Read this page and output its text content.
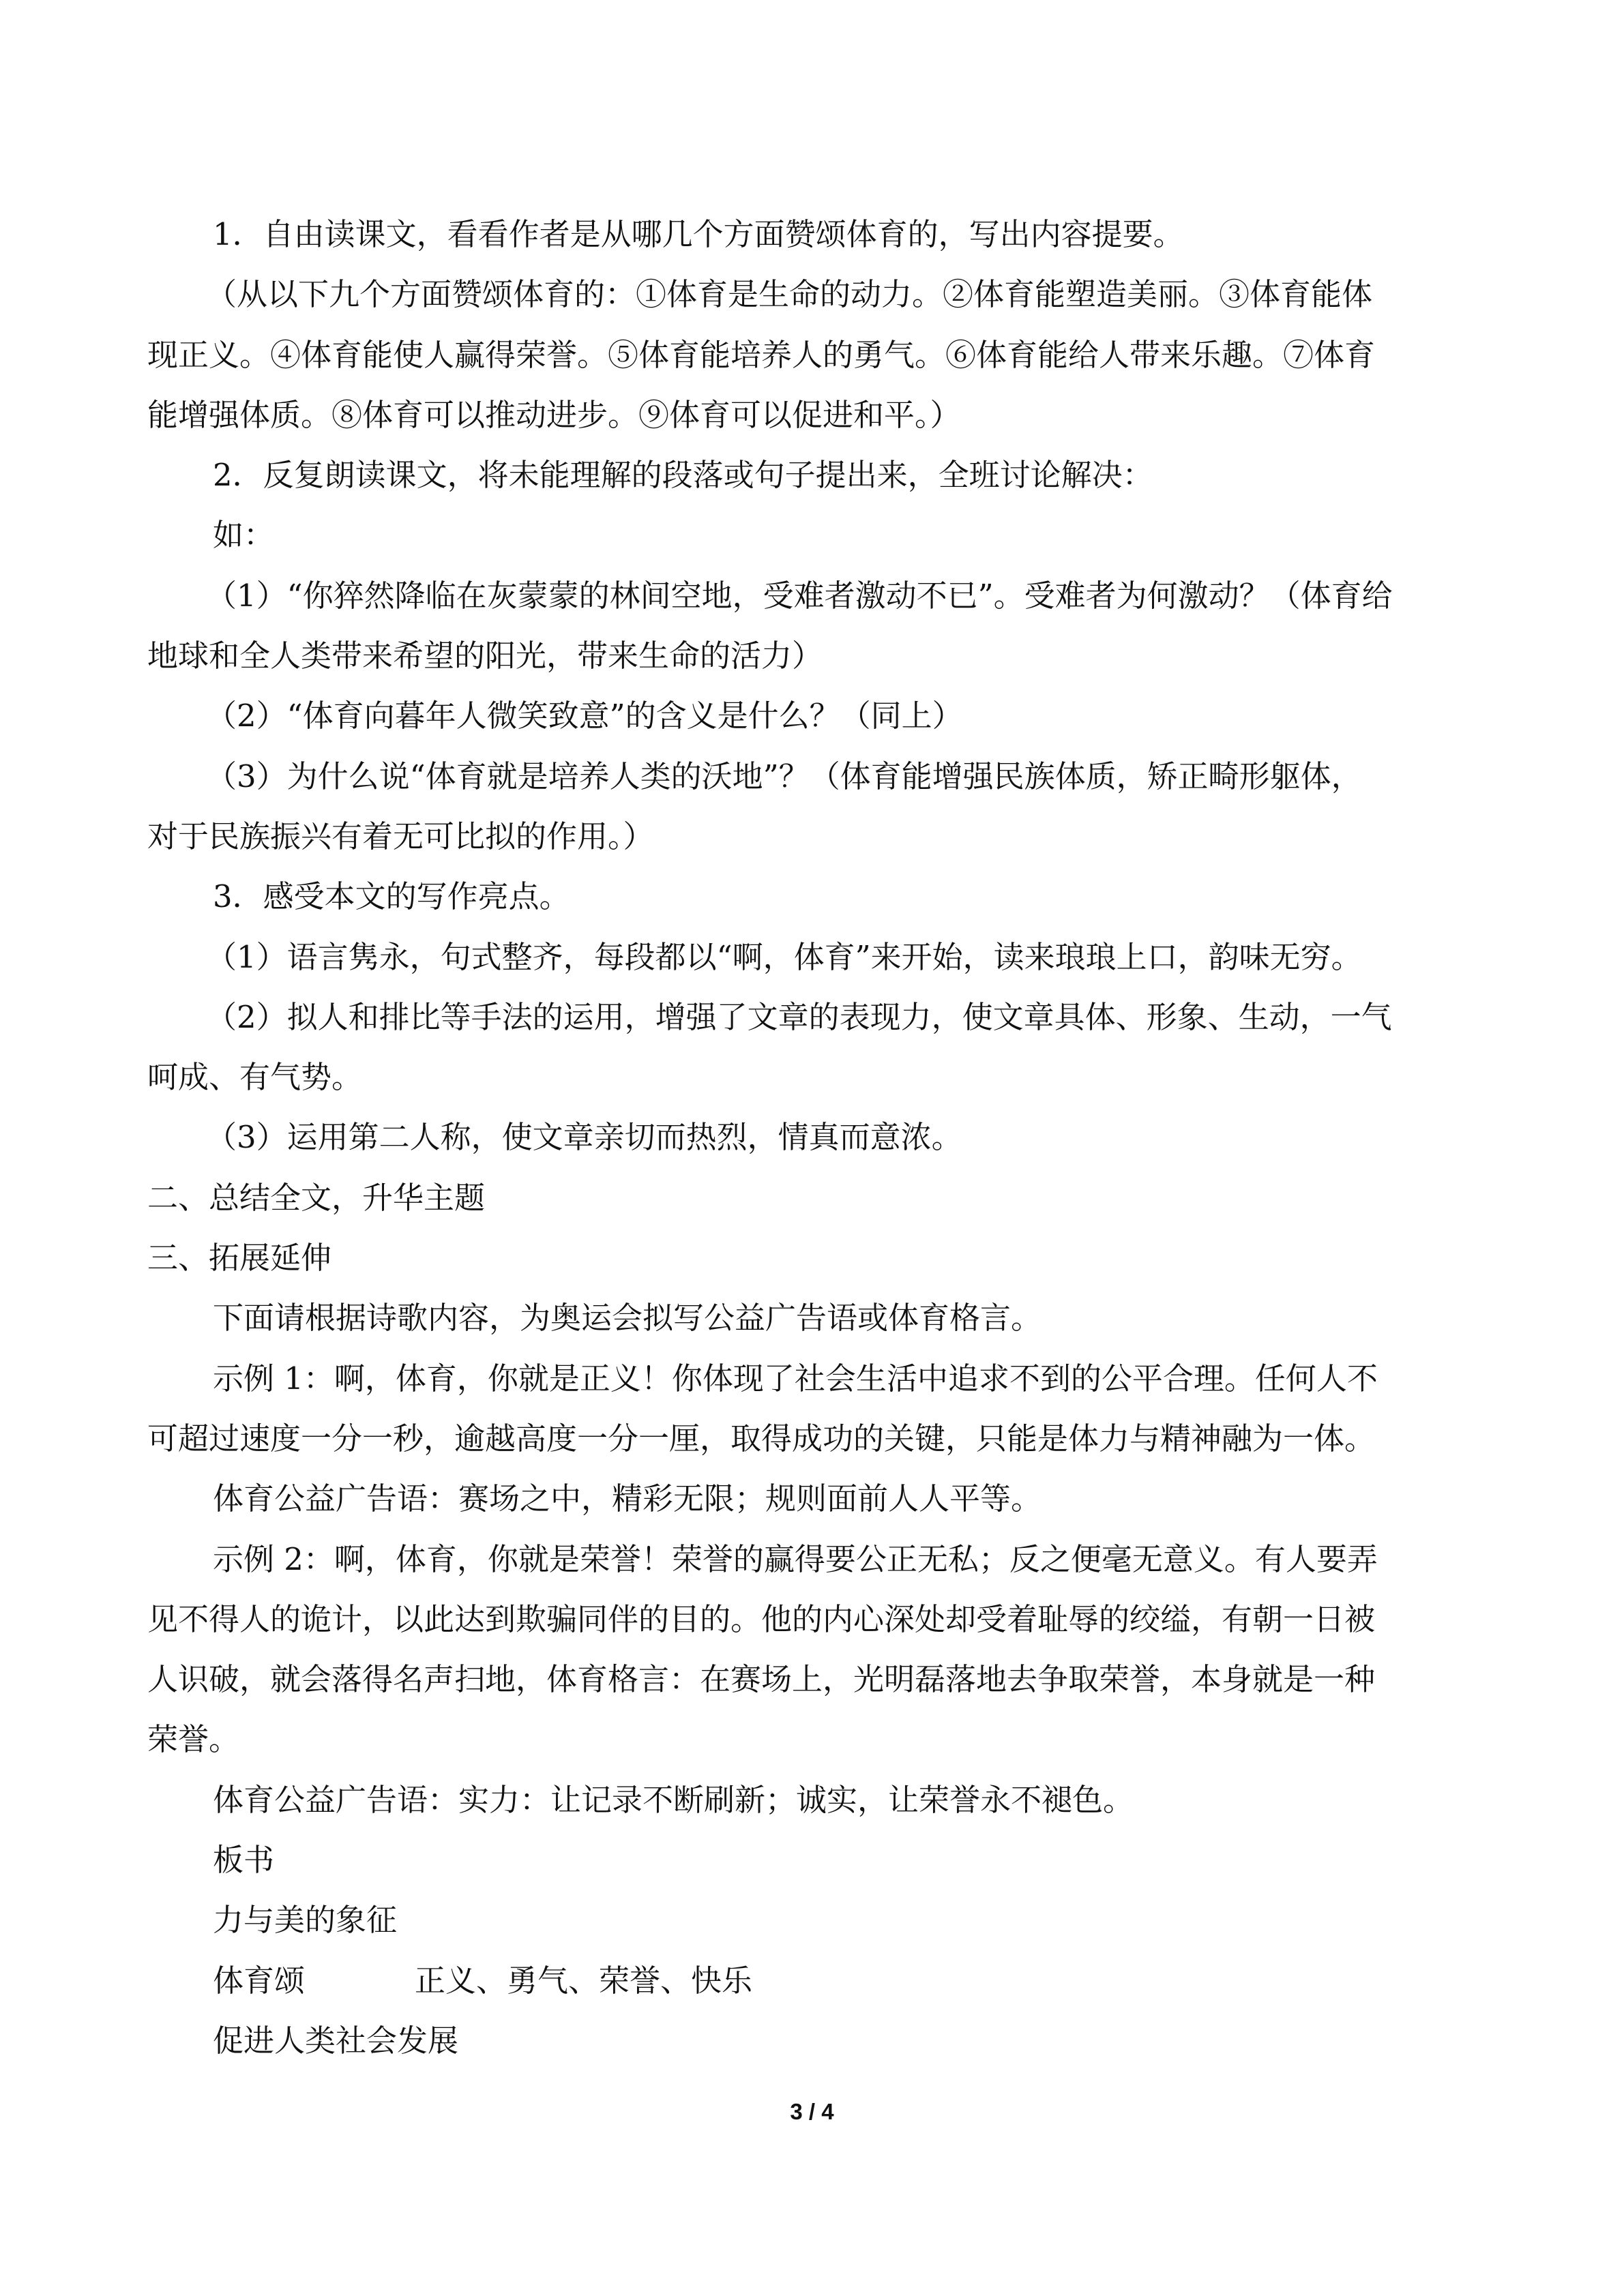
1．自由读课文，看看作者是从哪几个方面赞颂体育的，写出内容提要。
（从以下九个方面赞颂体育的：①体育是生命的动力。②体育能塑造美丽。③体育能体
现正义。④体育能使人赢得荣誉。⑤体育能培养人的勇气。⑥体育能给人带来乐趣。⑦体育
能增强体质。⑧体育可以推动进步。⑨体育可以促进和平。）
2．反复朗读课文，将未能理解的段落或句子提出来，全班讨论解决：
如：
（1）“你猝然降临在灰蒙蒙的林间空地，受难者激动不已”。受难者为何激动？（体育给
地球和全人类带来希望的阳光，带来生命的活力）
（2）“体育向暮年人微笑致意”的含义是什么？（同上）
（3）为什么说“体育就是培养人类的沃地”？（体育能增强民族体质，矫正畸形躯体，
对于民族振兴有着无可比拟的作用。）
3．感受本文的写作亮点。
（1）语言隽永，句式整齐，每段都以“啊，体育”来开始，读来琅琅上口，韵味无穷。
（2）拟人和排比等手法的运用，增强了文章的表现力，使文章具体、形象、生动，一气
呵成、有气势。
（3）运用第二人称，使文章亲切而热烈，情真而意浓。
二、总结全文，升华主题
三、拓展延伸
下面请根据诗歌内容，为奥运会拟写公益广告语或体育格言。
示例 1：啊，体育，你就是正义！你体现了社会生活中追求不到的公平合理。任何人不
可超过速度一分一秒，逾越高度一分一厘，取得成功的关键，只能是体力与精神融为一体。
体育公益广告语：赛场之中，精彩无限；规则面前人人平等。
示例 2：啊，体育，你就是荣誉！荣誉的赢得要公正无私；反之便毫无意义。有人要弄
见不得人的诡计，以此达到欺骗同伴的目的。他的内心深处却受着耻辱的绞缢，有朝一日被
人识破，就会落得名声扫地，体育格言：在赛场上，光明磊落地去争取荣誉，本身就是一种
荣誉。
体育公益广告语：实力：让记录不断刷新；诚实，让荣誉永不褪色。
板书
力与美的象征
体育颂	正义、勇气、荣誉、快乐
促进人类社会发展
3 / 4
